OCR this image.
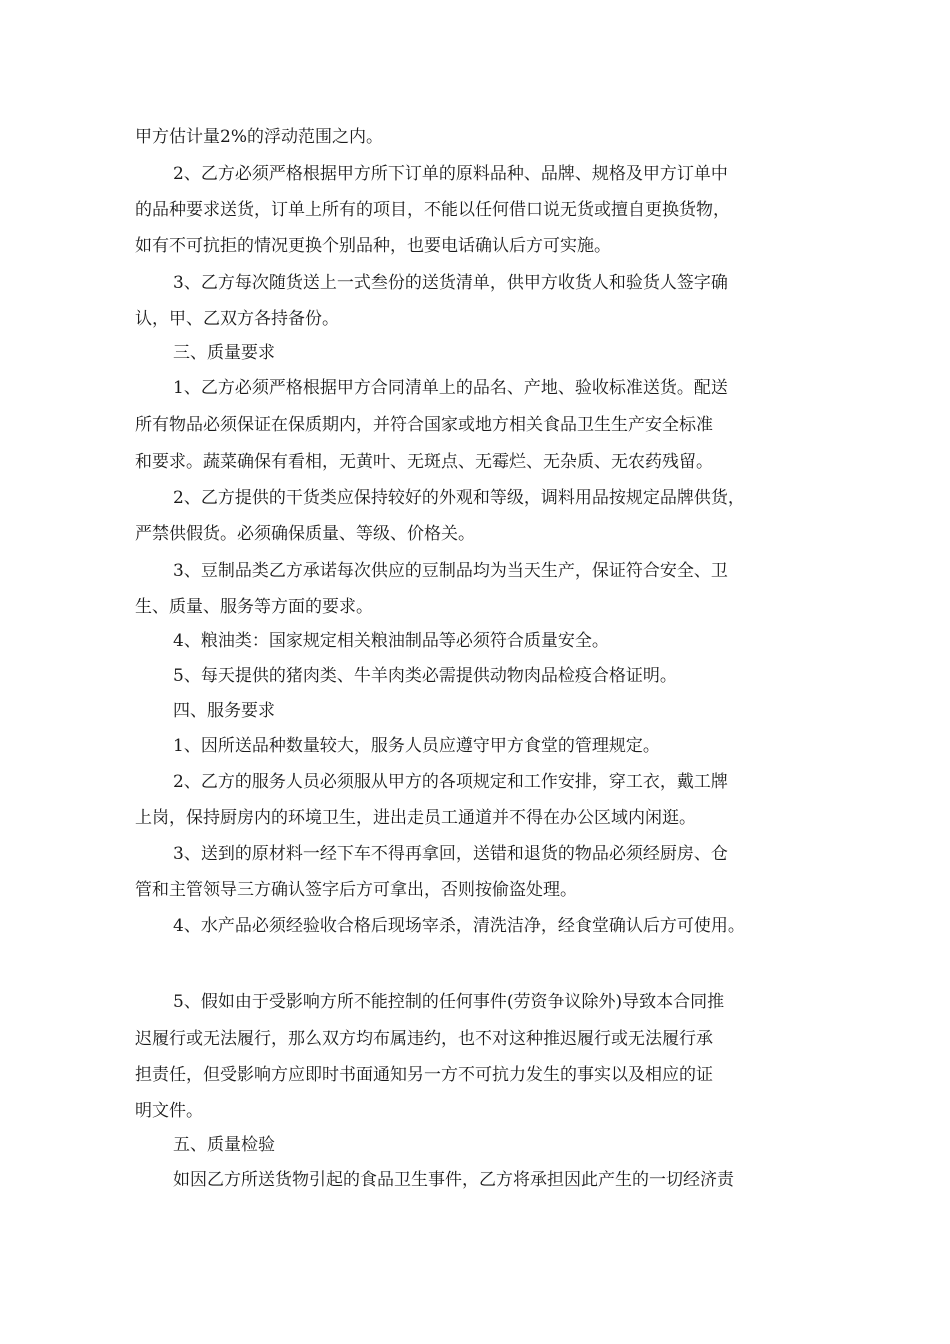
甲方估计量2%的浮动范围之内。
2、乙方必须严格根据甲方所下订单的原料品种、品牌、规格及甲方订单中
的品种要求送货，订单上所有的项目，不能以任何借口说无货或擅自更换货物，
如有不可抗拒的情况更换个别品种，也要电话确认后方可实施。
3、乙方每次随货送上一式叁份的送货清单，供甲方收货人和验货人签字确
认，甲、乙双方各持备份。
三、质量要求
1、乙方必须严格根据甲方合同清单上的品名、产地、验收标准送货。配送
所有物品必须保证在保质期内，并符合国家或地方相关食品卫生生产安全标准
和要求。蔬菜确保有看相，无黄叶、无斑点、无霉烂、无杂质、无农药残留。
2、乙方提供的干货类应保持较好的外观和等级，调料用品按规定品牌供货，
严禁供假货。必须确保质量、等级、价格关。
3、豆制品类乙方承诺每次供应的豆制品均为当天生产，保证符合安全、卫
生、质量、服务等方面的要求。
4、粮油类：国家规定相关粮油制品等必须符合质量安全。
5、每天提供的猪肉类、牛羊肉类必需提供动物肉品检疫合格证明。
四、服务要求
1、因所送品种数量较大，服务人员应遵守甲方食堂的管理规定。
2、乙方的服务人员必须服从甲方的各项规定和工作安排，穿工衣，戴工牌
上岗，保持厨房内的环境卫生，进出走员工通道并不得在办公区域内闲逛。
3、送到的原材料一经下车不得再拿回，送错和退货的物品必须经厨房、仓
管和主管领导三方确认签字后方可拿出，否则按偷盗处理。
4、水产品必须经验收合格后现场宰杀，清洗洁净，经食堂确认后方可使用。
5、假如由于受影响方所不能控制的任何事件(劳资争议除外)导致本合同推
迟履行或无法履行，那么双方均布属违约，也不对这种推迟履行或无法履行承
担责任，但受影响方应即时书面通知另一方不可抗力发生的事实以及相应的证
明文件。
五、质量检验
如因乙方所送货物引起的食品卫生事件，乙方将承担因此产生的一切经济责
